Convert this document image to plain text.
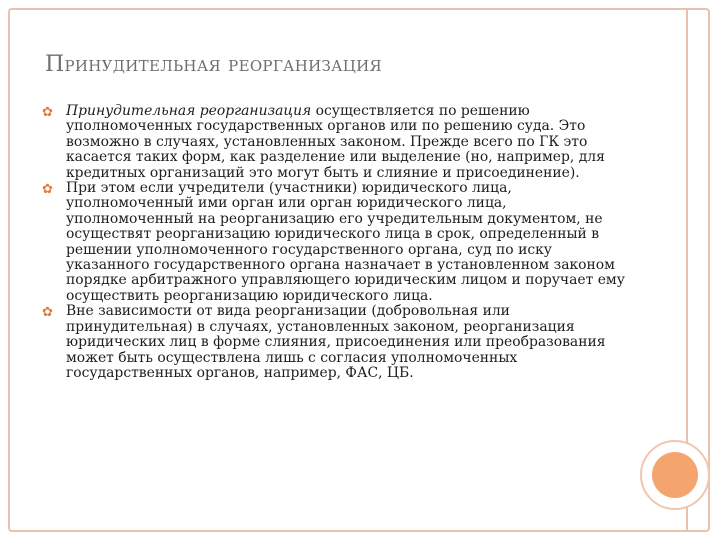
Принудительная реорганизация
✿ Принудительная реорганизация осуществляется по решению уполномоченных государственных органов или по решению суда. Это возможно в случаях, установленных законом. Прежде всего по ГК это касается таких форм, как разделение или выделение (но, например, для кредитных организаций это могут быть и слияние и присоединение).
✿ При этом если учредители (участники) юридического лица, уполномоченный ими орган или орган юридического лица, уполномоченный на реорганизацию его учредительным документом, не осуществят реорганизацию юридического лица в срок, определенный в решении уполномоченного государственного органа, суд по иску указанного государственного органа назначает в установленном законом порядке арбитражного управляющего юридическим лицом и поручает ему осуществить реорганизацию юридического лица.
✿ Вне зависимости от вида реорганизации (добровольная или принудительная) в случаях, установленных законом, реорганизация юридических лиц в форме слияния, присоединения или преобразования может быть осуществлена лишь с согласия уполномоченных государственных органов, например, ФАС, ЦБ.
